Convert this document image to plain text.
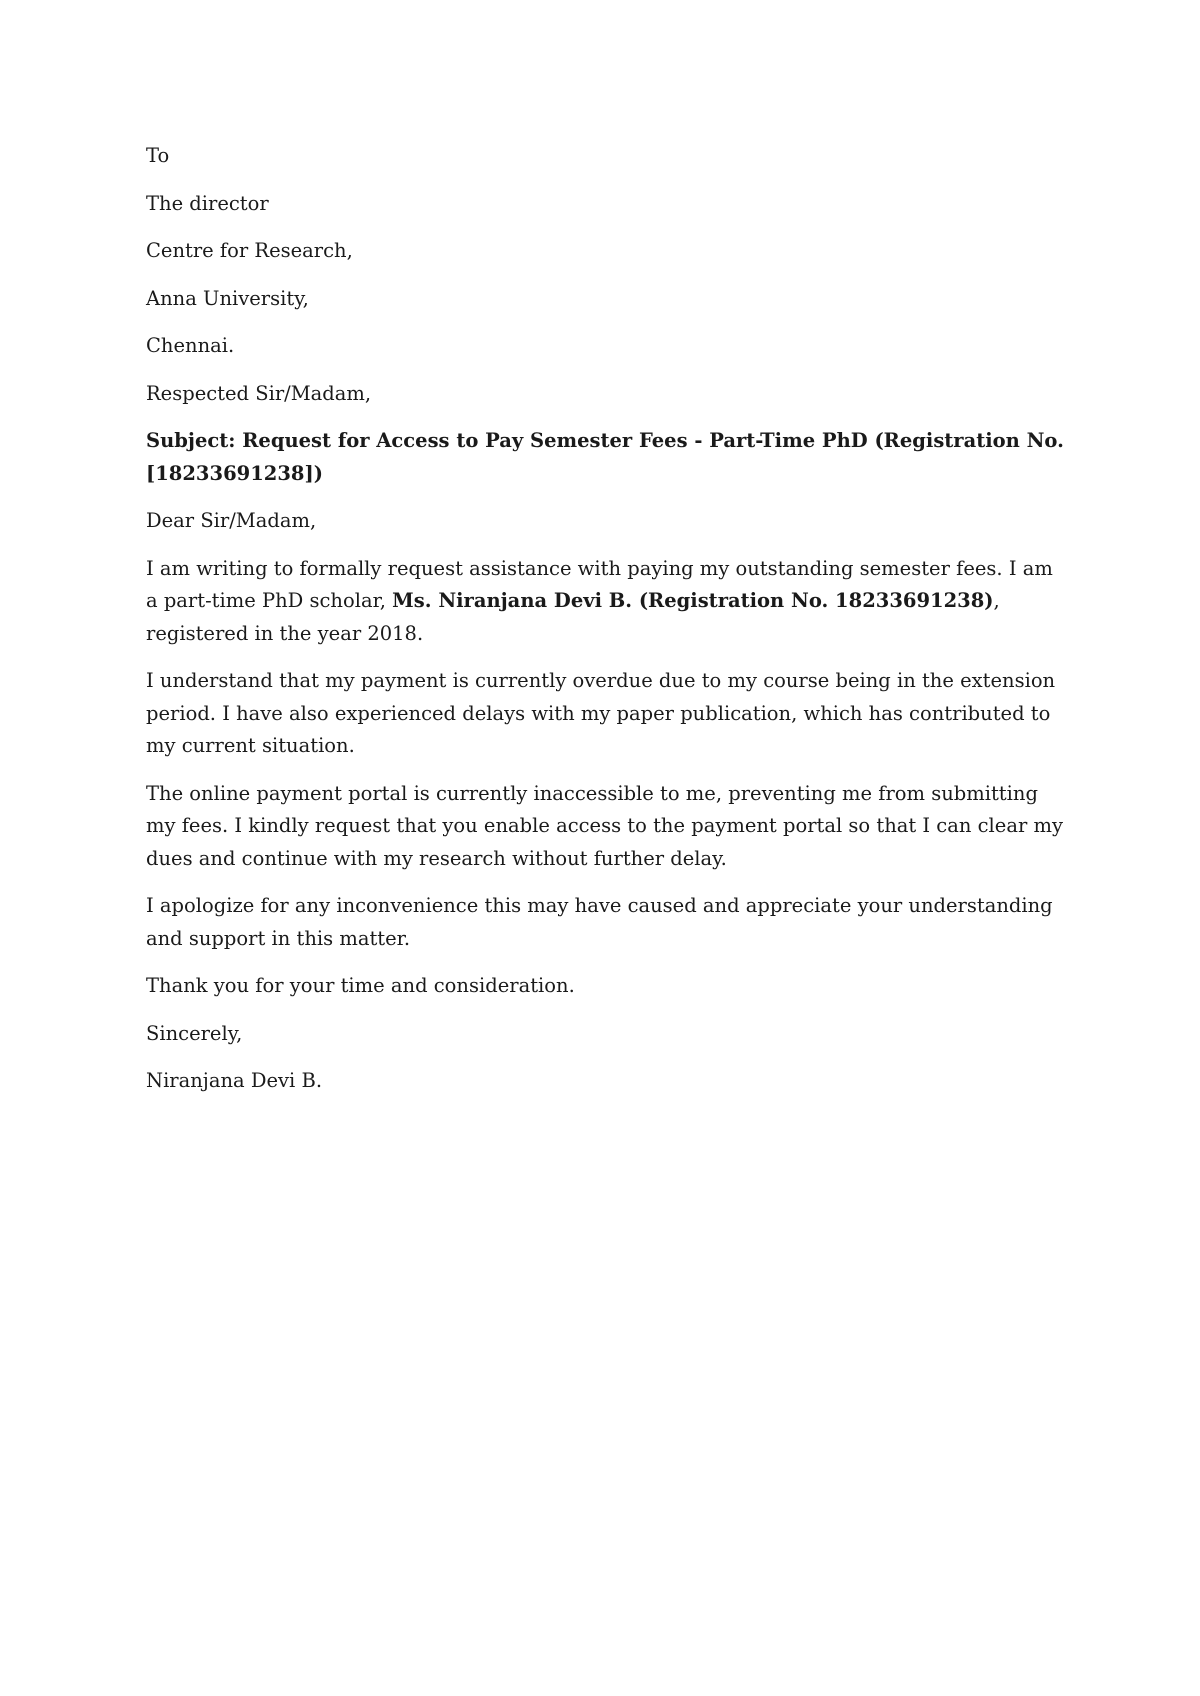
To
The director
Centre for Research,
Anna University,
Chennai.
Respected Sir/Madam,
Subject: Request for Access to Pay Semester Fees - Part-Time PhD (Registration No.
[18233691238])
Dear Sir/Madam,
I am writing to formally request assistance with paying my outstanding semester fees. I am a part-time PhD scholar, Ms. Niranjana Devi B. (Registration No. 18233691238), registered in the year 2018.
I understand that my payment is currently overdue due to my course being in the extension period. I have also experienced delays with my paper publication, which has contributed to my current situation.
The online payment portal is currently inaccessible to me, preventing me from submitting my fees. I kindly request that you enable access to the payment portal so that I can clear my dues and continue with my research without further delay.
I apologize for any inconvenience this may have caused and appreciate your understanding and support in this matter.
Thank you for your time and consideration.
Sincerely,
Niranjana Devi B.
